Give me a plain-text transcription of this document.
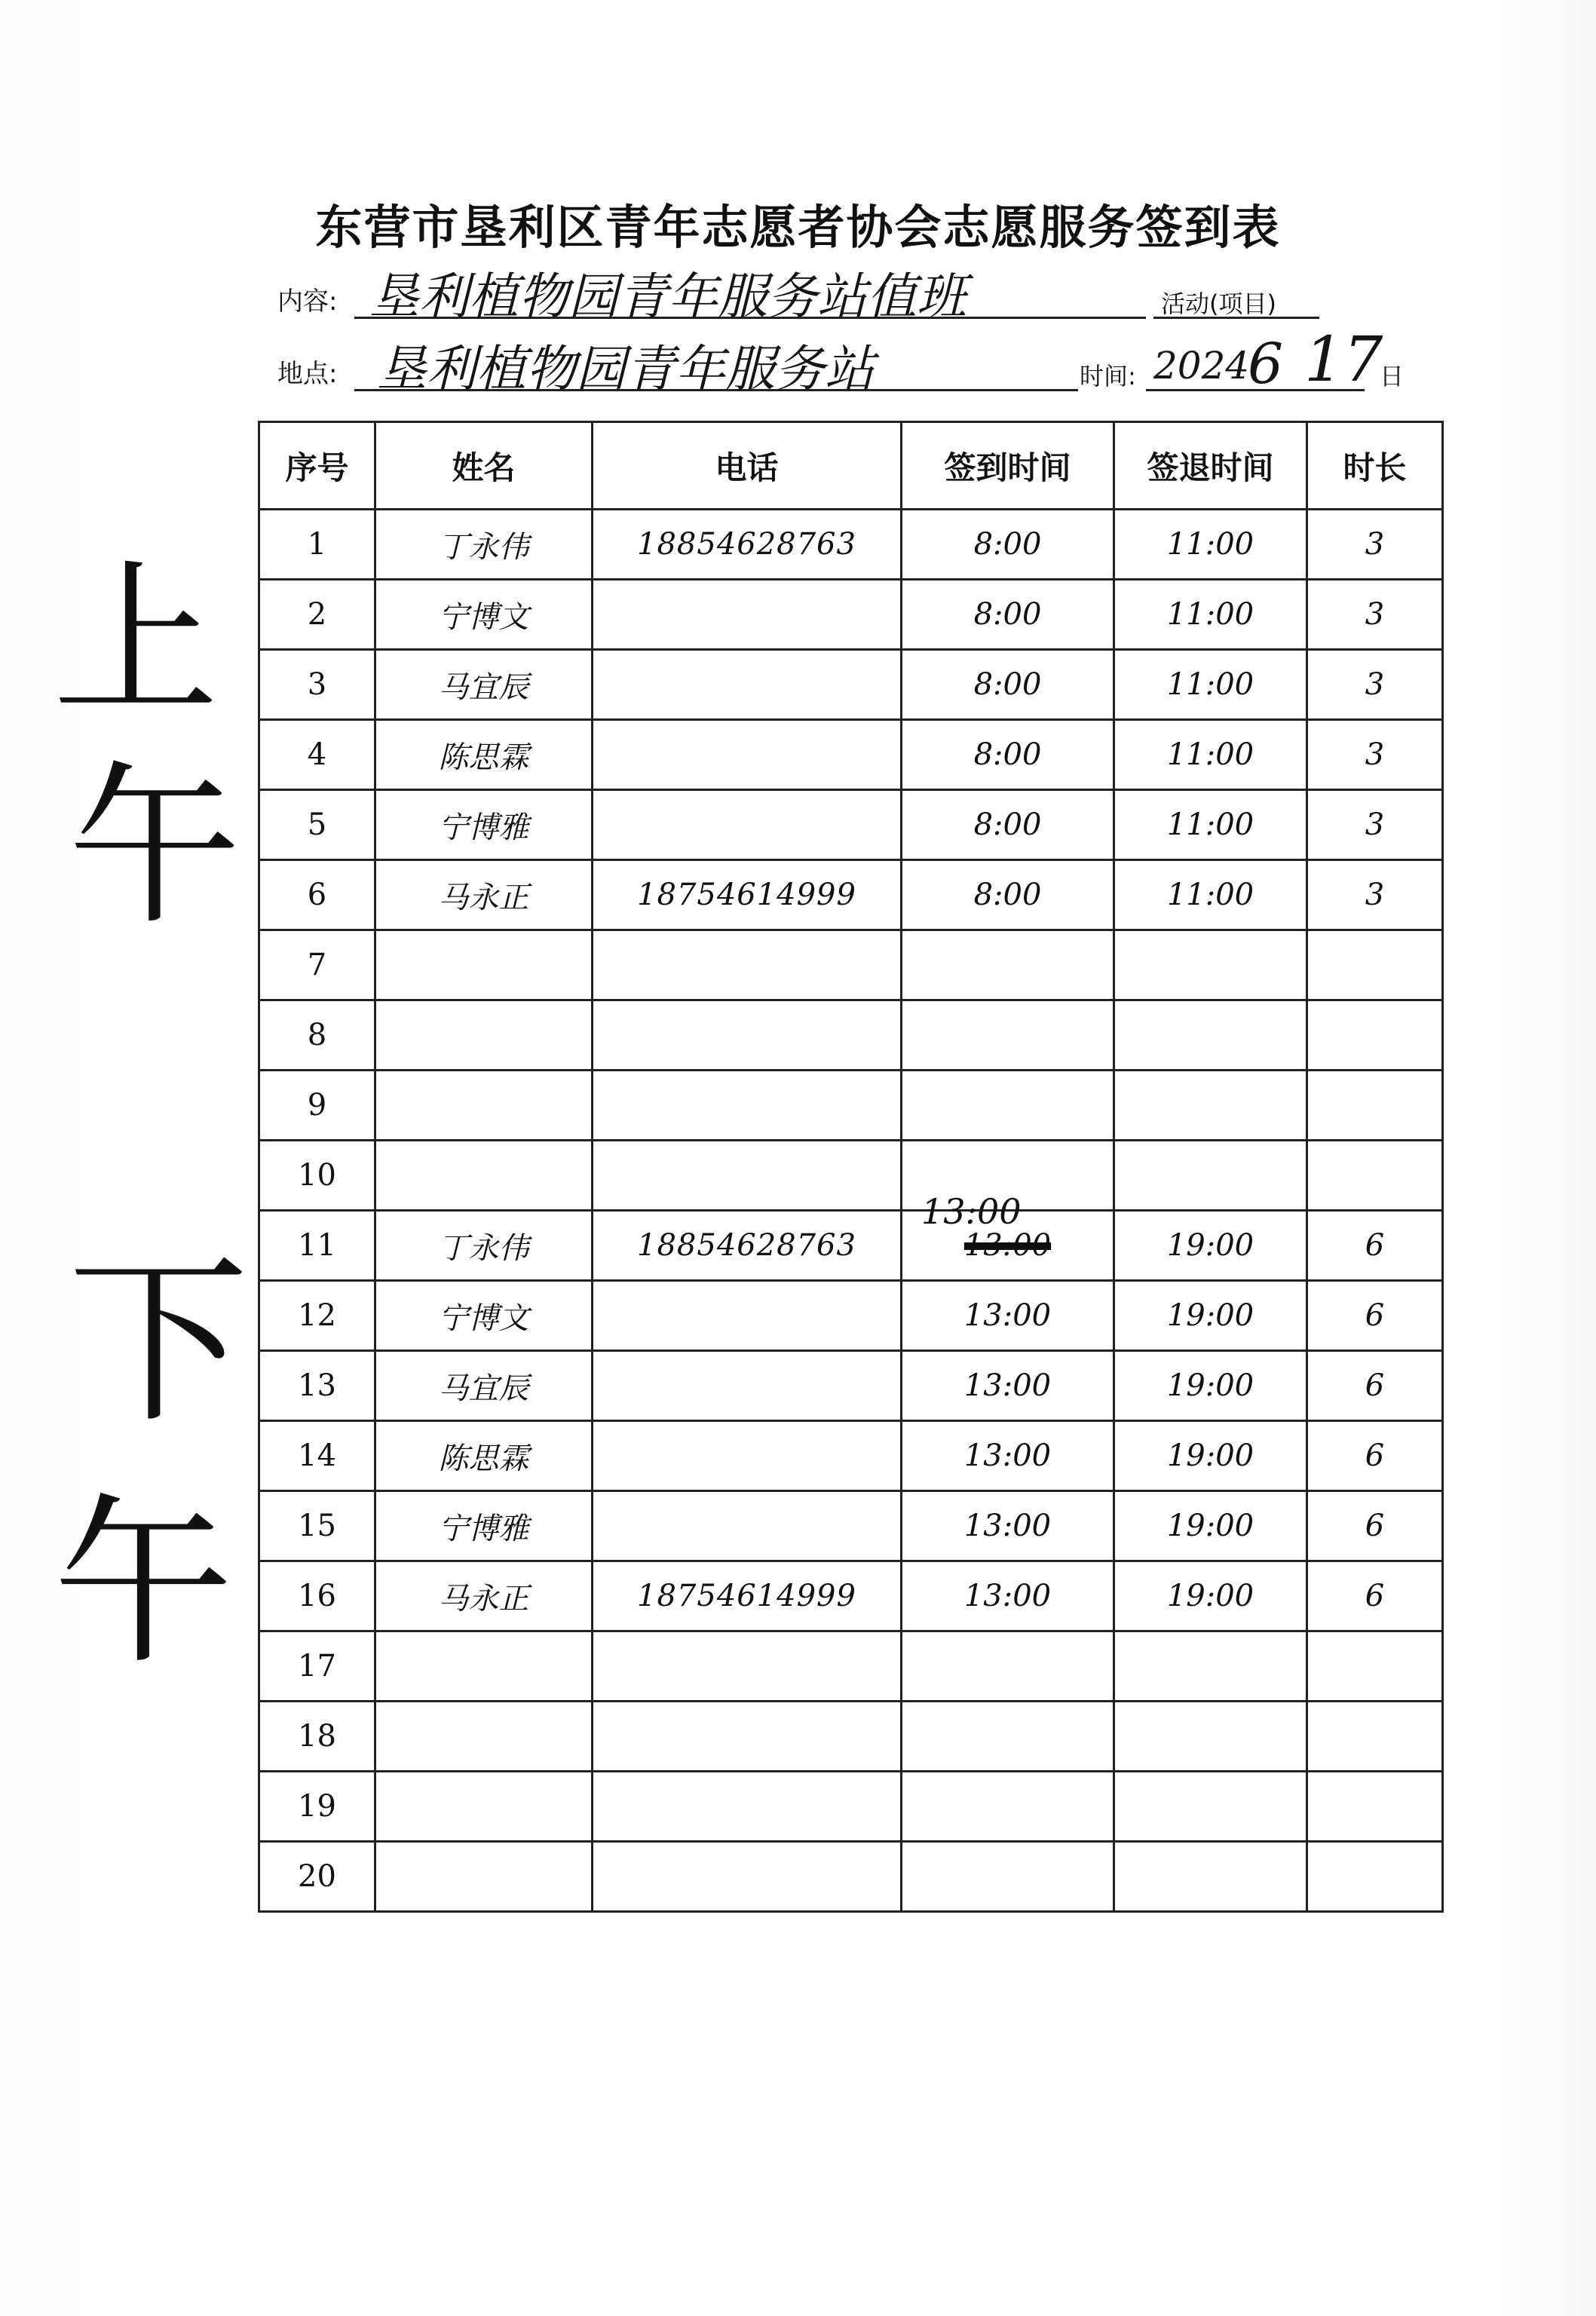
东营市垦利区青年志愿者协会志愿服务签到表
内容: 垦利植物园青年服务站值班	活动(项目)
地点: 垦利植物园青年服务站	时间: 2024
6 17
日
序号	姓名	电话	签到时间	签退时间	时长
1	丁永伟	18854628763	8:00	11:00	3
2	宁博文		8:00	11:00	3
3	马宜辰		8:00	11:00	3
4	陈思霖		8:00	11:00	3
5	宁博雅		8:00	11:00	3
6	马永正	18754614999	8:00	11:00	3
7					
8					
9					
10					
11	丁永伟	18854628763	13:00	19:00	6
12	宁博文		13:00	19:00	6
13	马宜辰		13:00	19:00	6
14	陈思霖		13:00	19:00	6
15	宁博雅		13:00	19:00	6
16	马永正	18754614999	13:00	19:00	6
17					
18					
19					
20					
13:00
上
午
下
午
